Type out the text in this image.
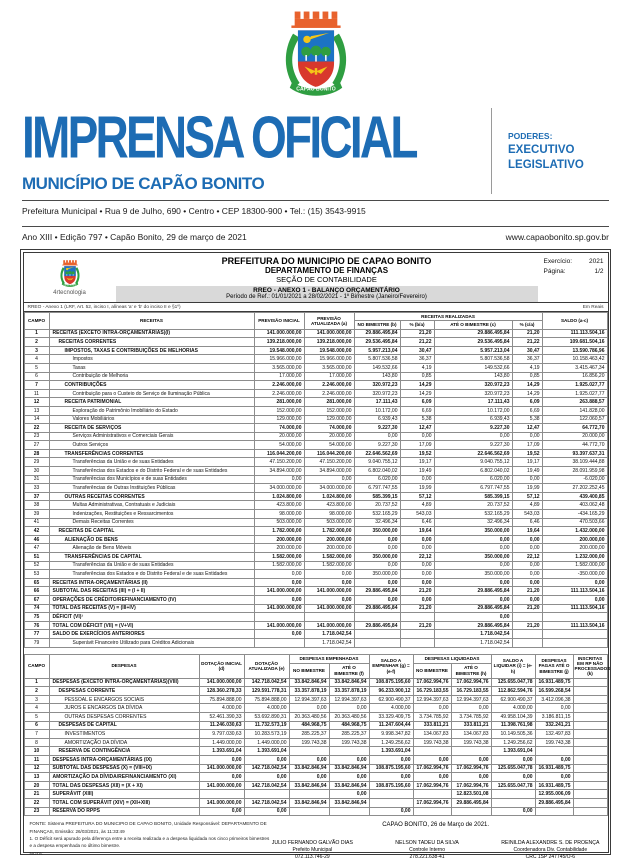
IMPRENSA OFICIAL
MUNICÍPIO DE CAPÃO BONITO
PODERES:
EXECUTIVO
LEGISLATIVO
Prefeitura Municipal • Rua 9 de Julho, 690 • Centro • CEP 18300-900 • Tel.: (15) 3543-9915
Ano XIII • Edição 797 • Capão Bonito, 29 de março de 2021	www.capaobonito.sp.gov.br
4rtecnologia
PREFEITURA DO MUNICIPIO DE CAPAO BONITO
DEPARTAMENTO DE FINANÇAS
SEÇÃO DE CONTABILIDADE
RREO - ANEXO 1 - BALANÇO ORÇAMENTÁRIO
Período de Ref.: 01/01/2021 a 28/02/2021 - 1º Bimestre (Janeiro/Fevereiro)
Exercício:	2021
Página:	1/2
RREO - Anexo 1 (LRF, Art. 52, inciso I, alíneas 'a' e 'b' do inciso II e §1º)	Em Reais
CAMPO	RECEITAS	PREVISÃO INICIAL	PREVISÃO ATUALIZADA (a)	RECEITAS REALIZADAS				SALDO (a-c)
				NO BIMESTRE (b)	% (b/a)	ATÉ O BIMESTRE (c)	% (c/a)	
1	RECEITAS (EXCETO INTRA-ORÇAMENTÁRIAS)(I)	141.000.000,00	141.000.000,00	29.886.495,84	21,20	29.886.495,84	21,20	111.113.504,16
2	RECEITAS CORRENTES	139.218.000,00	139.218.000,00	29.536.495,84	21,22	29.536.495,84	21,22	109.681.504,16
3	IMPOSTOS, TAXAS E CONTRIBUIÇÕES DE MELHORIAS	19.548.000,00	19.548.000,00	5.957.213,04	30,47	5.957.213,04	30,47	13.590.786,96
4	Impostos	15.966.000,00	15.966.000,00	5.807.536,58	36,37	5.807.536,58	36,37	10.158.463,42
5	Taxas	3.565.000,00	3.565.000,00	149.532,66	4,19	149.532,66	4,19	3.415.467,34
6	Contribuição de Melhoria	17.000,00	17.000,00	143,80	0,85	143,80	0,85	16.856,20
7	CONTRIBUIÇÕES	2.246.000,00	2.246.000,00	320.972,23	14,29	320.972,23	14,29	1.925.027,77
11	Contribuição para o Custeio do Serviço de Iluminação Pública	2.246.000,00	2.246.000,00	320.972,23	14,29	320.972,23	14,29	1.925.027,77
12	RECEITA PATRIMONIAL	281.000,00	281.000,00	17.111,43	6,09	17.111,43	6,09	263.888,57
13	Exploração do Patrimônio Imobiliário do Estado	152.000,00	152.000,00	10.172,00	6,69	10.172,00	6,69	141.828,00
14	Valores Mobiliários	129.000,00	129.000,00	6.939,43	5,38	6.939,43	5,38	122.060,57
22	RECEITA DE SERVIÇOS	74.000,00	74.000,00	9.227,30	12,47	9.227,30	12,47	64.772,70
23	Serviços Administrativos e Comerciais Gerais	20.000,00	20.000,00	0,00	0,00	0,00	0,00	20.000,00
27	Outros Serviços	54.000,00	54.000,00	9.227,30	17,09	9.227,30	17,09	44.772,70
28	TRANSFERÊNCIAS CORRENTES	116.044.200,00	116.044.200,00	22.646.562,69	19,52	22.646.562,69	19,52	93.397.637,31
29	Transferências da União e de suas Entidades	47.150.200,00	47.150.200,00	9.040.755,12	19,17	9.040.755,12	19,17	38.109.444,88
30	Transferências dos Estados e do Distrito Federal e de suas Entidades	34.894.000,00	34.894.000,00	6.802.040,02	19,49	6.802.040,02	19,49	28.091.959,98
31	Transferências dos Municípios e de suas Entidades	0,00	0,00	6.020,00	0,00	6.020,00	0,00	-6.020,00
33	Transferências de Outras Instituições Públicas	34.000.000,00	34.000.000,00	6.797.747,55	19,99	6.797.747,55	19,99	27.202.252,45
37	OUTRAS RECEITAS CORRENTES	1.024.800,00	1.024.800,00	585.399,15	57,12	585.399,15	57,12	439.400,85
38	Multas Administrativas, Contratuais e Judiciais	423.800,00	423.800,00	20.737,52	4,89	20.737,52	4,89	403.062,48
39	Indenizações, Restituições e Ressarcimentos	98.000,00	98.000,00	532.165,29	543,03	532.165,29	543,03	-434.165,29
41	Demais Receitas Correntes	503.000,00	503.000,00	32.496,34	6,46	32.496,34	6,46	470.503,66
42	RECEITAS DE CAPITAL	1.782.000,00	1.782.000,00	350.000,00	19,64	350.000,00	19,64	1.432.000,00
46	ALIENAÇÃO DE BENS	200.000,00	200.000,00	0,00	0,00	0,00	0,00	200.000,00
47	Alienação de Bens Móveis	200.000,00	200.000,00	0,00	0,00	0,00	0,00	200.000,00
51	TRANSFERÊNCIAS DE CAPITAL	1.582.000,00	1.582.000,00	350.000,00	22,12	350.000,00	22,12	1.232.000,00
52	Transferências da União e de suas Entidades	1.582.000,00	1.582.000,00	0,00	0,00	0,00	0,00	1.582.000,00
53	Transferências dos Estados e do Distrito Federal e de suas Entidades	0,00	0,00	350.000,00	0,00	350.000,00	0,00	-350.000,00
65	RECEITAS INTRA-ORÇAMENTÁRIAS (II)	0,00	0,00	0,00	0,00	0,00	0,00	0,00
66	SUBTOTAL DAS RECEITAS (III) = (I + II)	141.000.000,00	141.000.000,00	29.886.495,84	21,20	29.886.495,84	21,20	111.113.504,16
67	OPERAÇÕES DE CRÉDITO/REFINANCIAMENTO (IV)	0,00	0,00	0,00	0,00	0,00	0,00	0,00
74	TOTAL DAS RECEITAS (V) = (III+IV)	141.000.000,00	141.000.000,00	29.886.495,84	21,20	29.886.495,84	21,20	111.113.504,16
75	DÉFICIT (VI)¹					0,00		
76	TOTAL COM DÉFICIT (VII) = (V+VI)	141.000.000,00	141.000.000,00	29.886.495,84	21,20	29.886.495,84	21,20	111.113.504,16
77	SALDO DE EXERCÍCIOS ANTERIORES	0,00	1.718.042,54			1.718.042,54		
79	Superávit Financeiro Utilizado para Créditos Adicionais		1.718.042,54			1.718.042,54		
CAMPO	DESPESAS	DOTAÇÃO INICIAL (d)	DOTAÇÃO ATUALIZADA (e)	DESPESAS EMPENHADAS		SALDO A EMPENHAR (g) = (e-f)	DESPESAS LIQUIDADAS		SALDO A LIQUIDAR (i) = (e-h)	DESPESAS PAGAS ATÉ O BIMESTRE (j)	INSCRITAS EM RP NÃO PROCESSADOS (k)
				NO BIMESTRE	ATÉ O BIMESTRE (f)		NO BIMESTRE	ATÉ O BIMESTRE (h)			
1	DESPESAS (EXCETO INTRA-ORÇAMENTÁRIAS)(VIII)	141.000.000,00	142.718.042,54	33.842.846,94	33.842.846,94	108.875.195,60	17.062.994,76	17.062.994,76	125.655.047,78	16.931.489,75	
2	DESPESAS CORRENTE	128.360.278,33	129.591.778,31	33.357.878,19	33.357.878,19	96.233.900,12	16.729.183,55	16.729.183,55	112.862.594,76	16.599.268,54	
3	PESSOAL E ENCARGOS SOCIAIS	75.894.888,00	75.894.888,00	12.994.397,63	12.994.397,63	62.900.490,37	12.994.397,63	12.994.397,63	62.900.490,37	3.412.096,38	
4	JUROS E ENCARGOS DA DÍVIDA	4.000,00	4.000,00	0,00	0,00	4.000,00	0,00	0,00	4.000,00	0,00	
5	OUTRAS DESPESAS CORRENTES	52.461.390,33	53.692.890,31	20.363.480,56	20.363.480,56	33.329.409,75	3.734.785,92	3.734.785,92	49.958.104,39	3.186.811,15	
6	DESPESAS DE CAPITAL	11.246.030,63	11.732.573,19	484.968,75	484.968,75	11.247.604,44	333.811,21	333.811,21	11.398.761,98	332.241,21	
7	INVESTIMENTOS	9.797.030,63	10.283.573,19	285.225,37	285.225,37	9.998.347,82	134.067,83	134.067,83	10.149.505,36	132.497,83	
8	AMORTIZAÇÃO DA DÍVIDA	1.449.000,00	1.449.000,00	199.743,38	199.743,38	1.249.256,62	199.743,38	199.743,38	1.249.256,62	199.743,38	
10	RESERVA DE CONTINGÊNCIA	1.393.691,04	1.393.691,04			1.393.691,04			1.393.691,04		
11	DESPESAS INTRA-ORÇAMENTÁRIAS (IX)	0,00	0,00	0,00	0,00	0,00	0,00	0,00	0,00	0,00	
12	SUBTOTAL DAS DESPESAS (X) = (VIII+IX)	141.000.000,00	142.718.042,54	33.842.846,94	33.842.846,94	108.875.195,60	17.062.994,76	17.062.994,76	125.655.047,78	16.931.489,75	
13	AMORTIZAÇÃO DA DÍVIDA/REFINANCIAMENTO (XI)	0,00	0,00	0,00	0,00	0,00	0,00	0,00	0,00	0,00	
20	TOTAL DAS DESPESAS (XII) = (X + XI)	141.000.000,00	142.718.042,54	33.842.846,94	33.842.846,94	108.875.195,60	17.062.994,76	17.062.994,76	125.655.047,78	16.931.489,75	
21	SUPERÁVIT (XIII)				0,00			12.823.501,08		12.955.006,09	
22	TOTAL COM SUPERÁVIT (XIV) = (XII+XIII)	141.000.000,00	142.718.042,54	33.842.846,94	33.842.846,94		17.062.994,76	29.886.495,84		29.886.495,84	
23	RESERVA DO RPPS	0,00	0,00			0,00			0,00		
FONTE: Sistema PREFEITURA DO MUNICIPIO DE CAPAO BONITO, Unidade Responsável: DEPARTAMENTO DE FINANÇAS, Emissão: 26/03/2021, às 11:33:49
1. O Déficit será apurado pela diferença entre a receita realizada e a despesa liquidada nos cinco primeiros bimestres e a despesa empenhada no último bimestre.
NOTA:
CAPAO BONITO, 26 de Março de 2021.
JULIO FERNANDO GALVÃO DIAS
Prefeito Municipal
072.113.746-29
NELSON TADEU DA SILVA
Controle Interno
278.221.638-41
REINILDA ALEXANDRE S. DE PROENÇA
Coordenadora Div. Contabilidade
CRC 1SP 247745/O-6
